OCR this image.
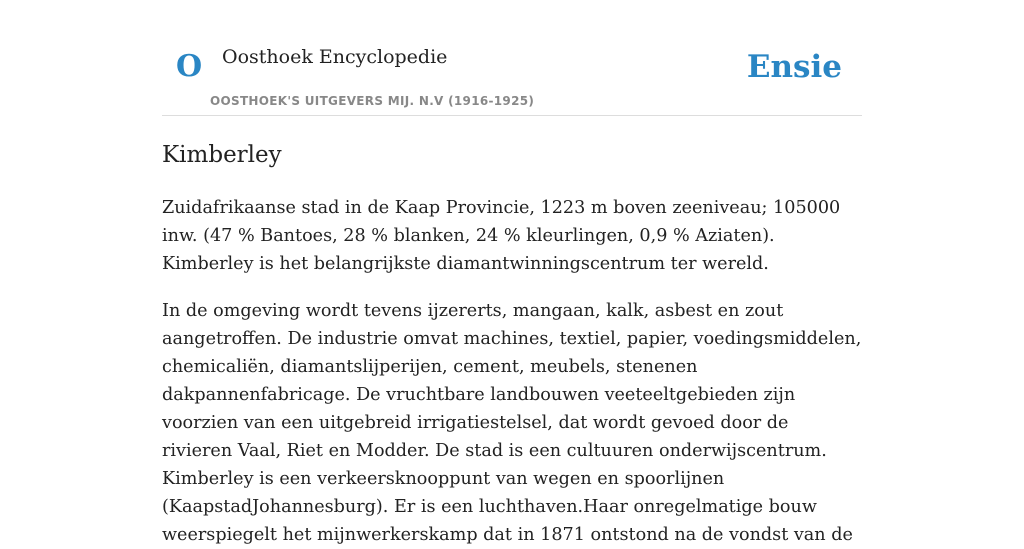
O Oosthoek Encyclopedie
OOSTHOEK'S UITGEVERS MIJ. N.V (1916-1925)
Ensie
Kimberley

Zuidafrikaanse stad in de Kaap Provincie, 1223 m boven zeeniveau; 105000 inw. (47 % Bantoes, 28 % blanken, 24 % kleurlingen, 0,9 % Aziaten). Kimberley is het belangrijkste diamantwinningscentrum ter wereld.

In de omgeving wordt tevens ijzererts, mangaan, kalk, asbest en zout aangetroffen. De industrie omvat machines, textiel, papier, voedingsmiddelen, chemicaliën, diamantslijperijen, cement, meubels, stenenen dakpannenfabricage. De vruchtbare landbouwen veeteeltgebieden zijn voorzien van een uitgebreid irrigatiestelsel, dat wordt gevoed door de rivieren Vaal, Riet en Modder. De stad is een cultuuren onderwijscentrum. Kimberley is een verkeersknooppunt van wegen en spoorlijnen (KaapstadJohannesburg). Er is een luchthaven.Haar onregelmatige bouw weerspiegelt het mijnwerkerskamp dat in 1871 ontstond na de vondst van de
